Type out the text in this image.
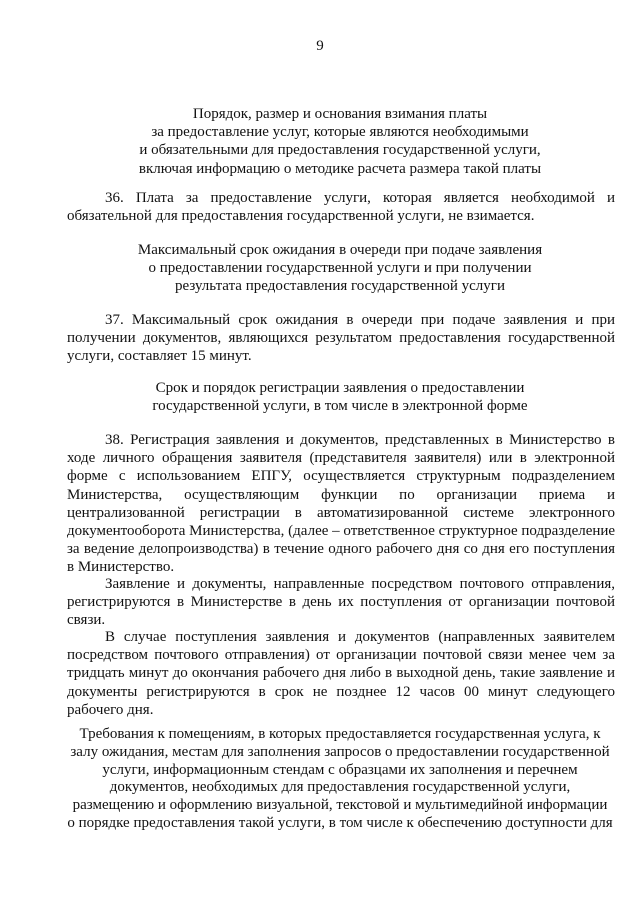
9
Порядок, размер и основания взимания платы
за предоставление услуг, которые являются необходимыми
и обязательными для предоставления государственной услуги,
включая информацию о методике расчета размера такой платы

36. Плата за предоставление услуги, которая является необходимой и
обязательной для предоставления государственной услуги, не взимается.

Максимальный срок ожидания в очереди при подаче заявления
о предоставлении государственной услуги и при получении
результата предоставления государственной услуги

37. Максимальный срок ожидания в очереди при подаче заявления и при
получении документов, являющихся результатом предоставления государственной
услуги, составляет 15 минут.

Срок и порядок регистрации заявления о предоставлении
государственной услуги, в том числе в электронной форме

38. Регистрация заявления и документов, представленных в Министерство в
ходе личного обращения заявителя (представителя заявителя) или в электронной
форме с использованием ЕПГУ, осуществляется структурным подразделением
Министерства, осуществляющим функции по организации приема и
централизованной регистрации в автоматизированной системе электронного
документооборота Министерства, (далее – ответственное структурное подразделение
за ведение делопроизводства) в течение одного рабочего дня со дня его поступления
в Министерство.

Заявление и документы, направленные посредством почтового отправления,
регистрируются в Министерстве в день их поступления от организации почтовой
связи.

В случае поступления заявления и документов (направленных заявителем
посредством почтового отправления) от организации почтовой связи менее чем за
тридцать минут до окончания рабочего дня либо в выходной день, такие заявление и
документы регистрируются в срок не позднее 12 часов 00 минут следующего
рабочего дня.

Требования к помещениям, в которых предоставляется государственная услуга, к
залу ожидания, местам для заполнения запросов о предоставлении государственной
услуги, информационным стендам с образцами их заполнения и перечнем
документов, необходимых для предоставления государственной услуги,
размещению и оформлению визуальной, текстовой и мультимедийной информации
о порядке предоставления такой услуги, в том числе к обеспечению доступности для
